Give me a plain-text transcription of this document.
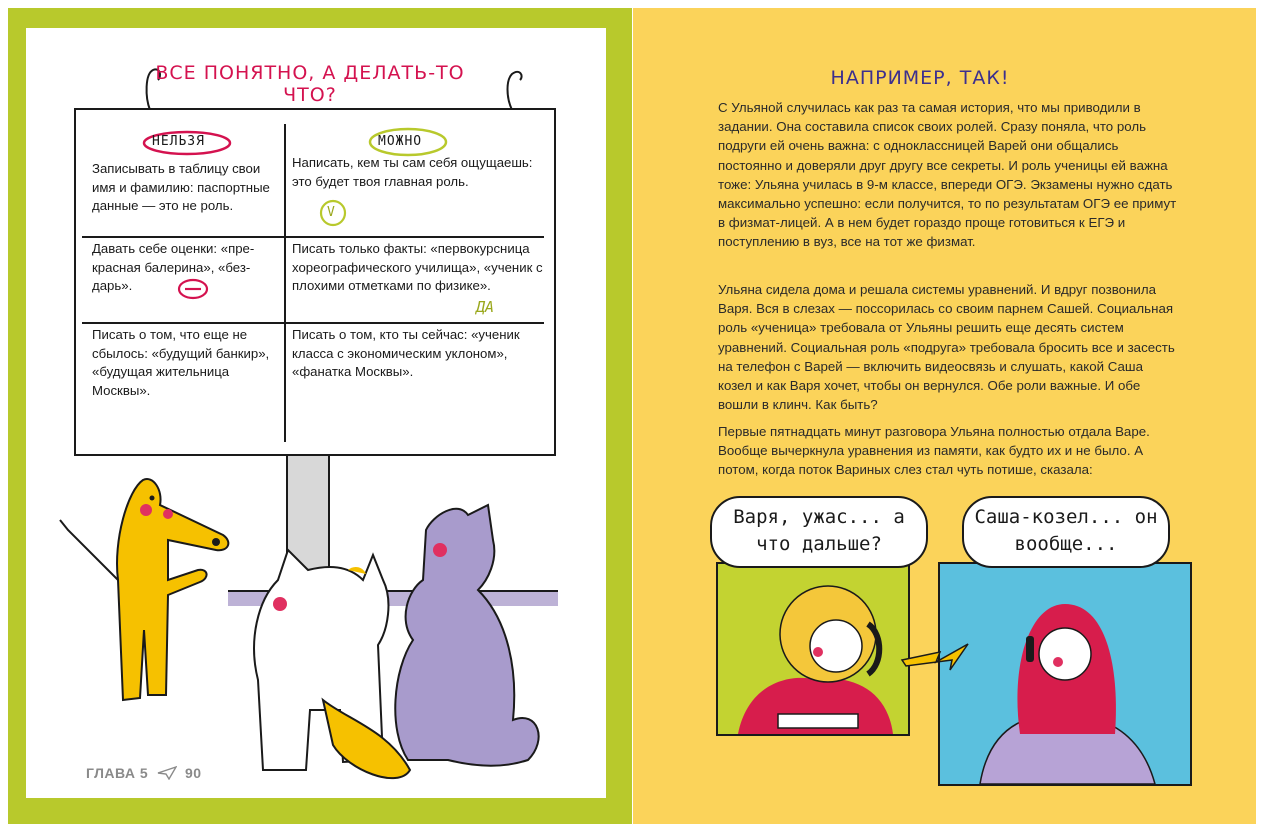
ВСЕ ПОНЯТНО, А ДЕЛАТЬ-ТО ЧТО?
НЕЛЬЗЯ	МОЖНО
Записывать в таблицу свои имя и фамилию: паспортные данные — это не роль.
Написать, кем ты сам себя ощущаешь: это будет твоя главная роль.
V
Давать себе оценки: «прекрасная балерина», «бездарь».
Писать только факты: «первокурсница хореографического училища», «ученик с плохими отметками по физике».
ДА
Писать о том, что еще не сбылось: «будущий банкир», «будущая жительница Москвы».
Писать о том, кто ты сейчас: «ученик класса с экономическим уклоном», «фанатка Москвы».
ГЛАВА 5	90
НАПРИМЕР, ТАК!
С Ульяной случилась как раз та самая история, что мы приводили в задании. Она составила список своих ролей. Сразу поняла, что роль подруги ей очень важна: с одноклассницей Варей они общались постоянно и доверяли друг другу все секреты. И роль ученицы ей важна тоже: Ульяна училась в 9-м классе, впереди ОГЭ. Экзамены нужно сдать максимально успешно: если получится, то по результатам ОГЭ ее примут в физмат-лицей. А в нем будет гораздо проще готовиться к ЕГЭ и поступлению в вуз, все на тот же физмат.
Ульяна сидела дома и решала системы уравнений. И вдруг позвонила Варя. Вся в слезах — поссорилась со своим парнем Сашей. Социальная роль «ученица» требовала от Ульяны решить еще десять систем уравнений. Социальная роль «подруга» требовала бросить все и засесть на телефон с Варей — включить видеосвязь и слушать, какой Саша козел и как Варя хочет, чтобы он вернулся. Обе роли важные. И обе вошли в клинч. Как быть?
Первые пятнадцать минут разговора Ульяна полностью отдала Варе. Вообще вычеркнула уравнения из памяти, как будто их и не было. А потом, когда поток Вариных слез стал чуть потише, сказала:
Варя, ужас... а что дальше?
Саша-козел... он вообще...
